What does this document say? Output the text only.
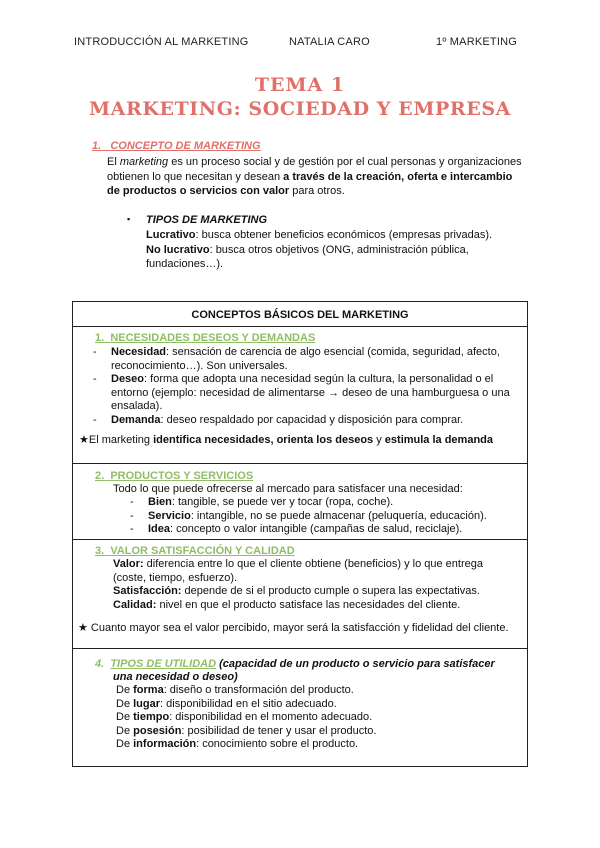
INTRODUCCIÓN AL MARKETING	NATALIA CARO	1º MARKETING
TEMA 1
MARKETING: SOCIEDAD Y EMPRESA
1. CONCEPTO DE MARKETING
El marketing es un proceso social y de gestión por el cual personas y organizaciones
obtienen lo que necesitan y desean a través de la creación, oferta e intercambio
de productos o servicios con valor para otros.
▪ TIPOS DE MARKETING
Lucrativo: busca obtener beneficios económicos (empresas privadas).
No lucrativo: busca otros objetivos (ONG, administración pública,
fundaciones…).
CONCEPTOS BÁSICOS DEL MARKETING
1. NECESIDADES DESEOS Y DEMANDAS
- Necesidad: sensación de carencia de algo esencial (comida, seguridad, afecto,
reconocimiento…). Son universales.
- Deseo: forma que adopta una necesidad según la cultura, la personalidad o el
entorno (ejemplo: necesidad de alimentarse → deseo de una hamburguesa o una
ensalada).
- Demanda: deseo respaldado por capacidad y disposición para comprar.
★El marketing identifica necesidades, orienta los deseos y estimula la demanda
2. PRODUCTOS Y SERVICIOS
Todo lo que puede ofrecerse al mercado para satisfacer una necesidad:
- Bien: tangible, se puede ver y tocar (ropa, coche).
- Servicio: intangible, no se puede almacenar (peluquería, educación).
- Idea: concepto o valor intangible (campañas de salud, reciclaje).
3. VALOR SATISFACCIÓN Y CALIDAD
Valor: diferencia entre lo que el cliente obtiene (beneficios) y lo que entrega
(coste, tiempo, esfuerzo).
Satisfacción: depende de si el producto cumple o supera las expectativas.
Calidad: nivel en que el producto satisface las necesidades del cliente.
★ Cuanto mayor sea el valor percibido, mayor será la satisfacción y fidelidad del cliente.
4. TIPOS DE UTILIDAD (capacidad de un producto o servicio para satisfacer
una necesidad o deseo)
De forma: diseño o transformación del producto.
De lugar: disponibilidad en el sitio adecuado.
De tiempo: disponibilidad en el momento adecuado.
De posesión: posibilidad de tener y usar el producto.
De información: conocimiento sobre el producto.
